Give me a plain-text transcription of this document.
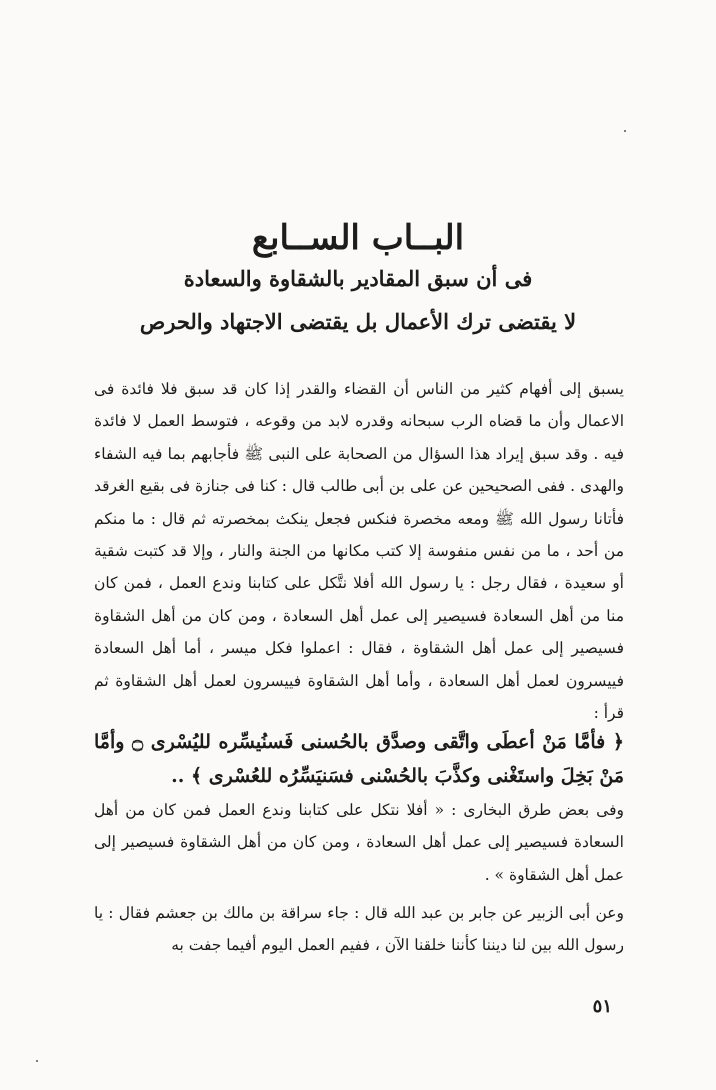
البــاب الســابع
فى أن سبق المقادير بالشقاوة والسعادة
لا يقتضى ترك الأعمال بل يقتضى الاجتهاد والحرص
يسبق إلى أفهام كثير من الناس أن القضاء والقدر إذا كان قد سبق فلا فائدة فى الاعمال وأن ما قضاه الرب سبحانه وقدره لابد من وقوعه ، فتوسط العمل لا فائدة فيه . وقد سبق إيراد هذا السؤال من الصحابة على النبى ﷺ فأجابهم بما فيه الشفاء والهدى . ففى الصحيحين عن على بن أبى طالب قال : كنا فى جنازة فى بقيع الغرقد فأتانا رسول الله ﷺ ومعه مخصرة فنكس فجعل ينكث بمخصرته ثم قال : ما منكم من أحد ، ما من نفس منفوسة إلا كتب مكانها من الجنة والنار ، وإلا قد كتبت شقية أو سعيدة ، فقال رجل : يا رسول الله أفلا نتَّكل على كتابنا وندع العمل ، فمن كان منا من أهل السعادة فسيصير إلى عمل أهل السعادة ، ومن كان من أهل الشقاوة فسيصير إلى عمل أهل الشقاوة ، فقال : اعملوا فكل ميسر ، أما أهل السعادة فييسرون لعمل أهل السعادة ، وأما أهل الشقاوة فييسرون لعمل أهل الشقاوة ثم قرأ :
﴿ فأمَّا مَنْ أعطَى واتَّقى وصدَّق بالحُسنى فَسنُيسِّره لليُسْرى ۝ وأمَّا مَنْ بَخِلَ واستَغْنى وكذَّبَ بالحُسْنى فسَنيَسِّرُه للعُسْرى ﴾ ..
وفى بعض طرق البخارى : « أفلا نتكل على كتابنا وندع العمل فمن كان من أهل السعادة فسيصير إلى عمل أهل السعادة ، ومن كان من أهل الشقاوة فسيصير إلى عمل أهل الشقاوة » .
وعن أبى الزبير عن جابر بن عبد الله قال : جاء سراقة بن مالك بن جعشم فقال : يا رسول الله بين لنا ديننا كأننا خلقنا الآن ، ففيم العمل اليوم أفيما جفت به
٥١
